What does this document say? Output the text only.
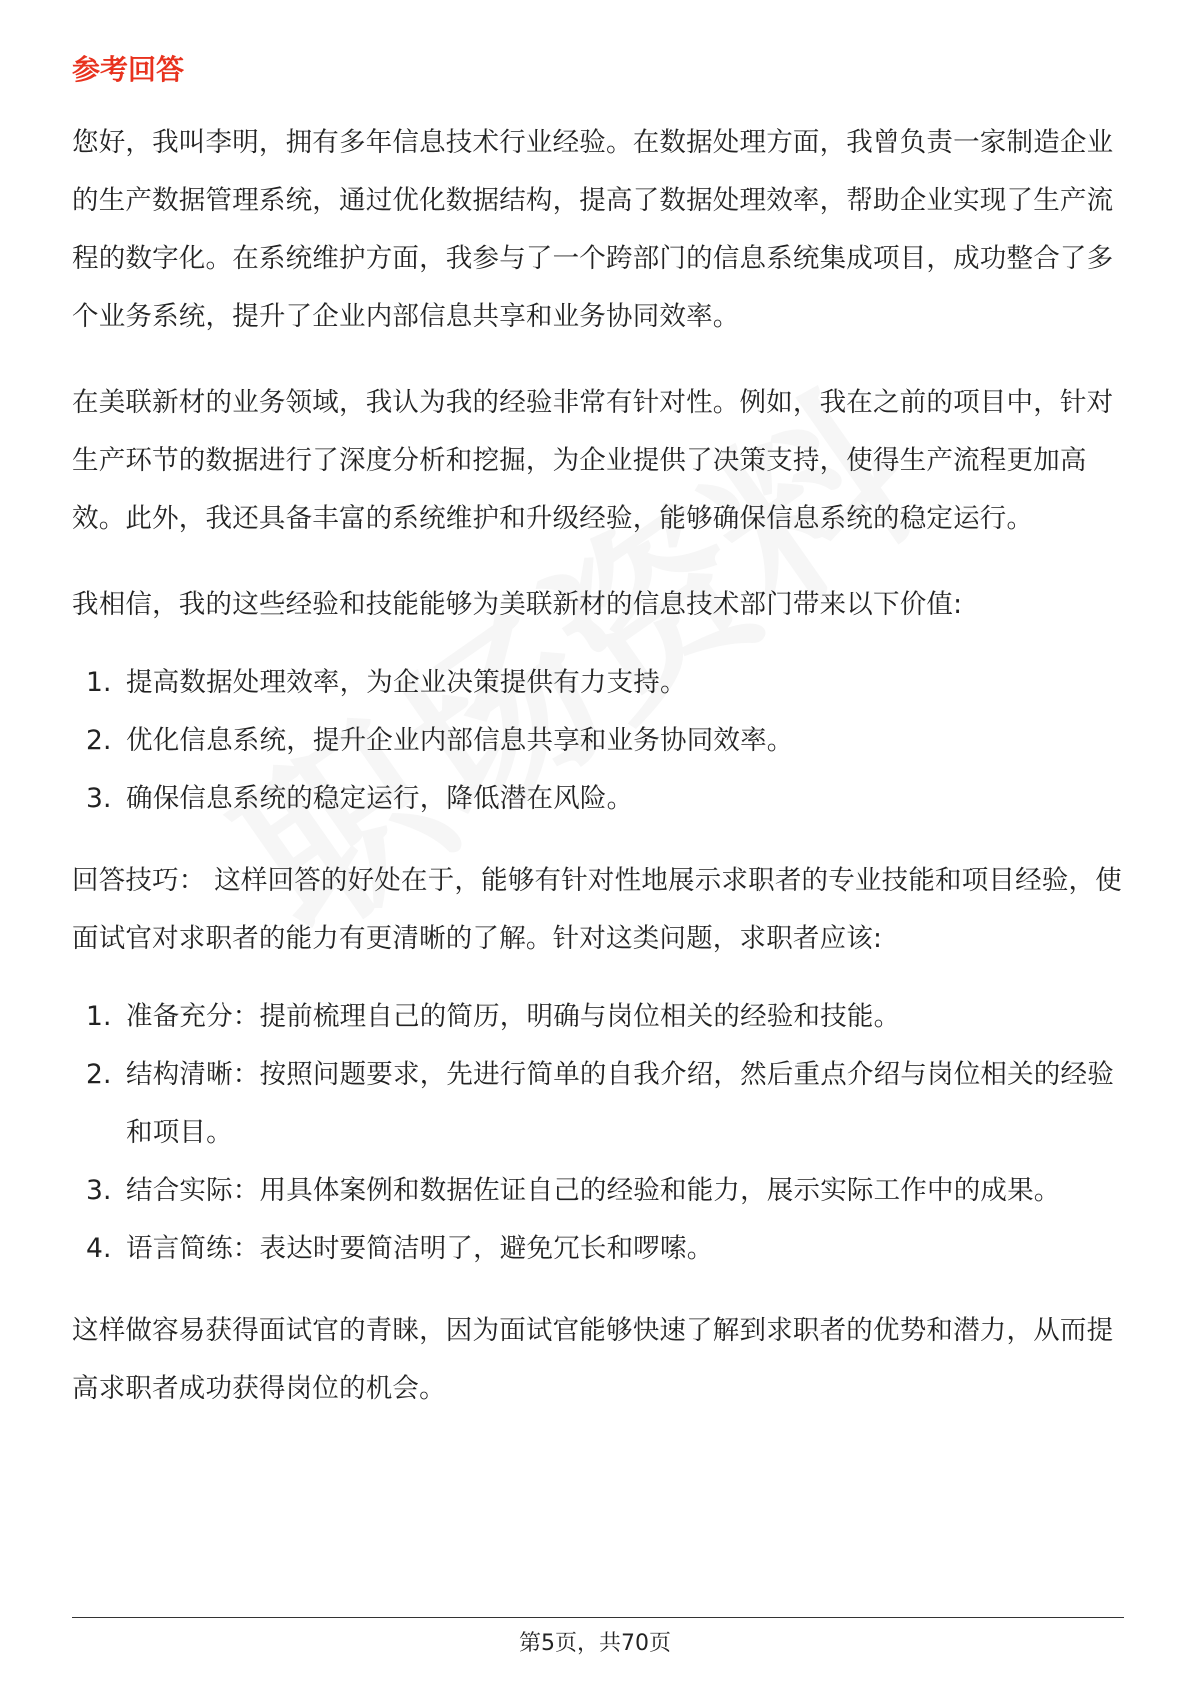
参考回答

您好，我叫李明，拥有多年信息技术行业经验。在数据处理方面，我曾负责一家制造企业的生产数据管理系统，通过优化数据结构，提高了数据处理效率，帮助企业实现了生产流程的数字化。在系统维护方面，我参与了一个跨部门的信息系统集成项目，成功整合了多个业务系统，提升了企业内部信息共享和业务协同效率。

在美联新材的业务领域，我认为我的经验非常有针对性。例如，我在之前的项目中，针对生产环节的数据进行了深度分析和挖掘，为企业提供了决策支持，使得生产流程更加高效。此外，我还具备丰富的系统维护和升级经验，能够确保信息系统的稳定运行。

我相信，我的这些经验和技能能够为美联新材的信息技术部门带来以下价值:

1. 提高数据处理效率，为企业决策提供有力支持。
2. 优化信息系统，提升企业内部信息共享和业务协同效率。
3. 确保信息系统的稳定运行，降低潜在风险。

回答技巧： 这样回答的好处在于，能够有针对性地展示求职者的专业技能和项目经验，使面试官对求职者的能力有更清晰的了解。针对这类问题，求职者应该:

1. 准备充分：提前梳理自己的简历，明确与岗位相关的经验和技能。
2. 结构清晰：按照问题要求，先进行简单的自我介绍，然后重点介绍与岗位相关的经验和项目。
3. 结合实际：用具体案例和数据佐证自己的经验和能力，展示实际工作中的成果。
4. 语言简练：表达时要简洁明了，避免冗长和啰嗦。

这样做容易获得面试官的青睐，因为面试官能够快速了解到求职者的优势和潜力，从而提高求职者成功获得岗位的机会。

第5页，共70页
